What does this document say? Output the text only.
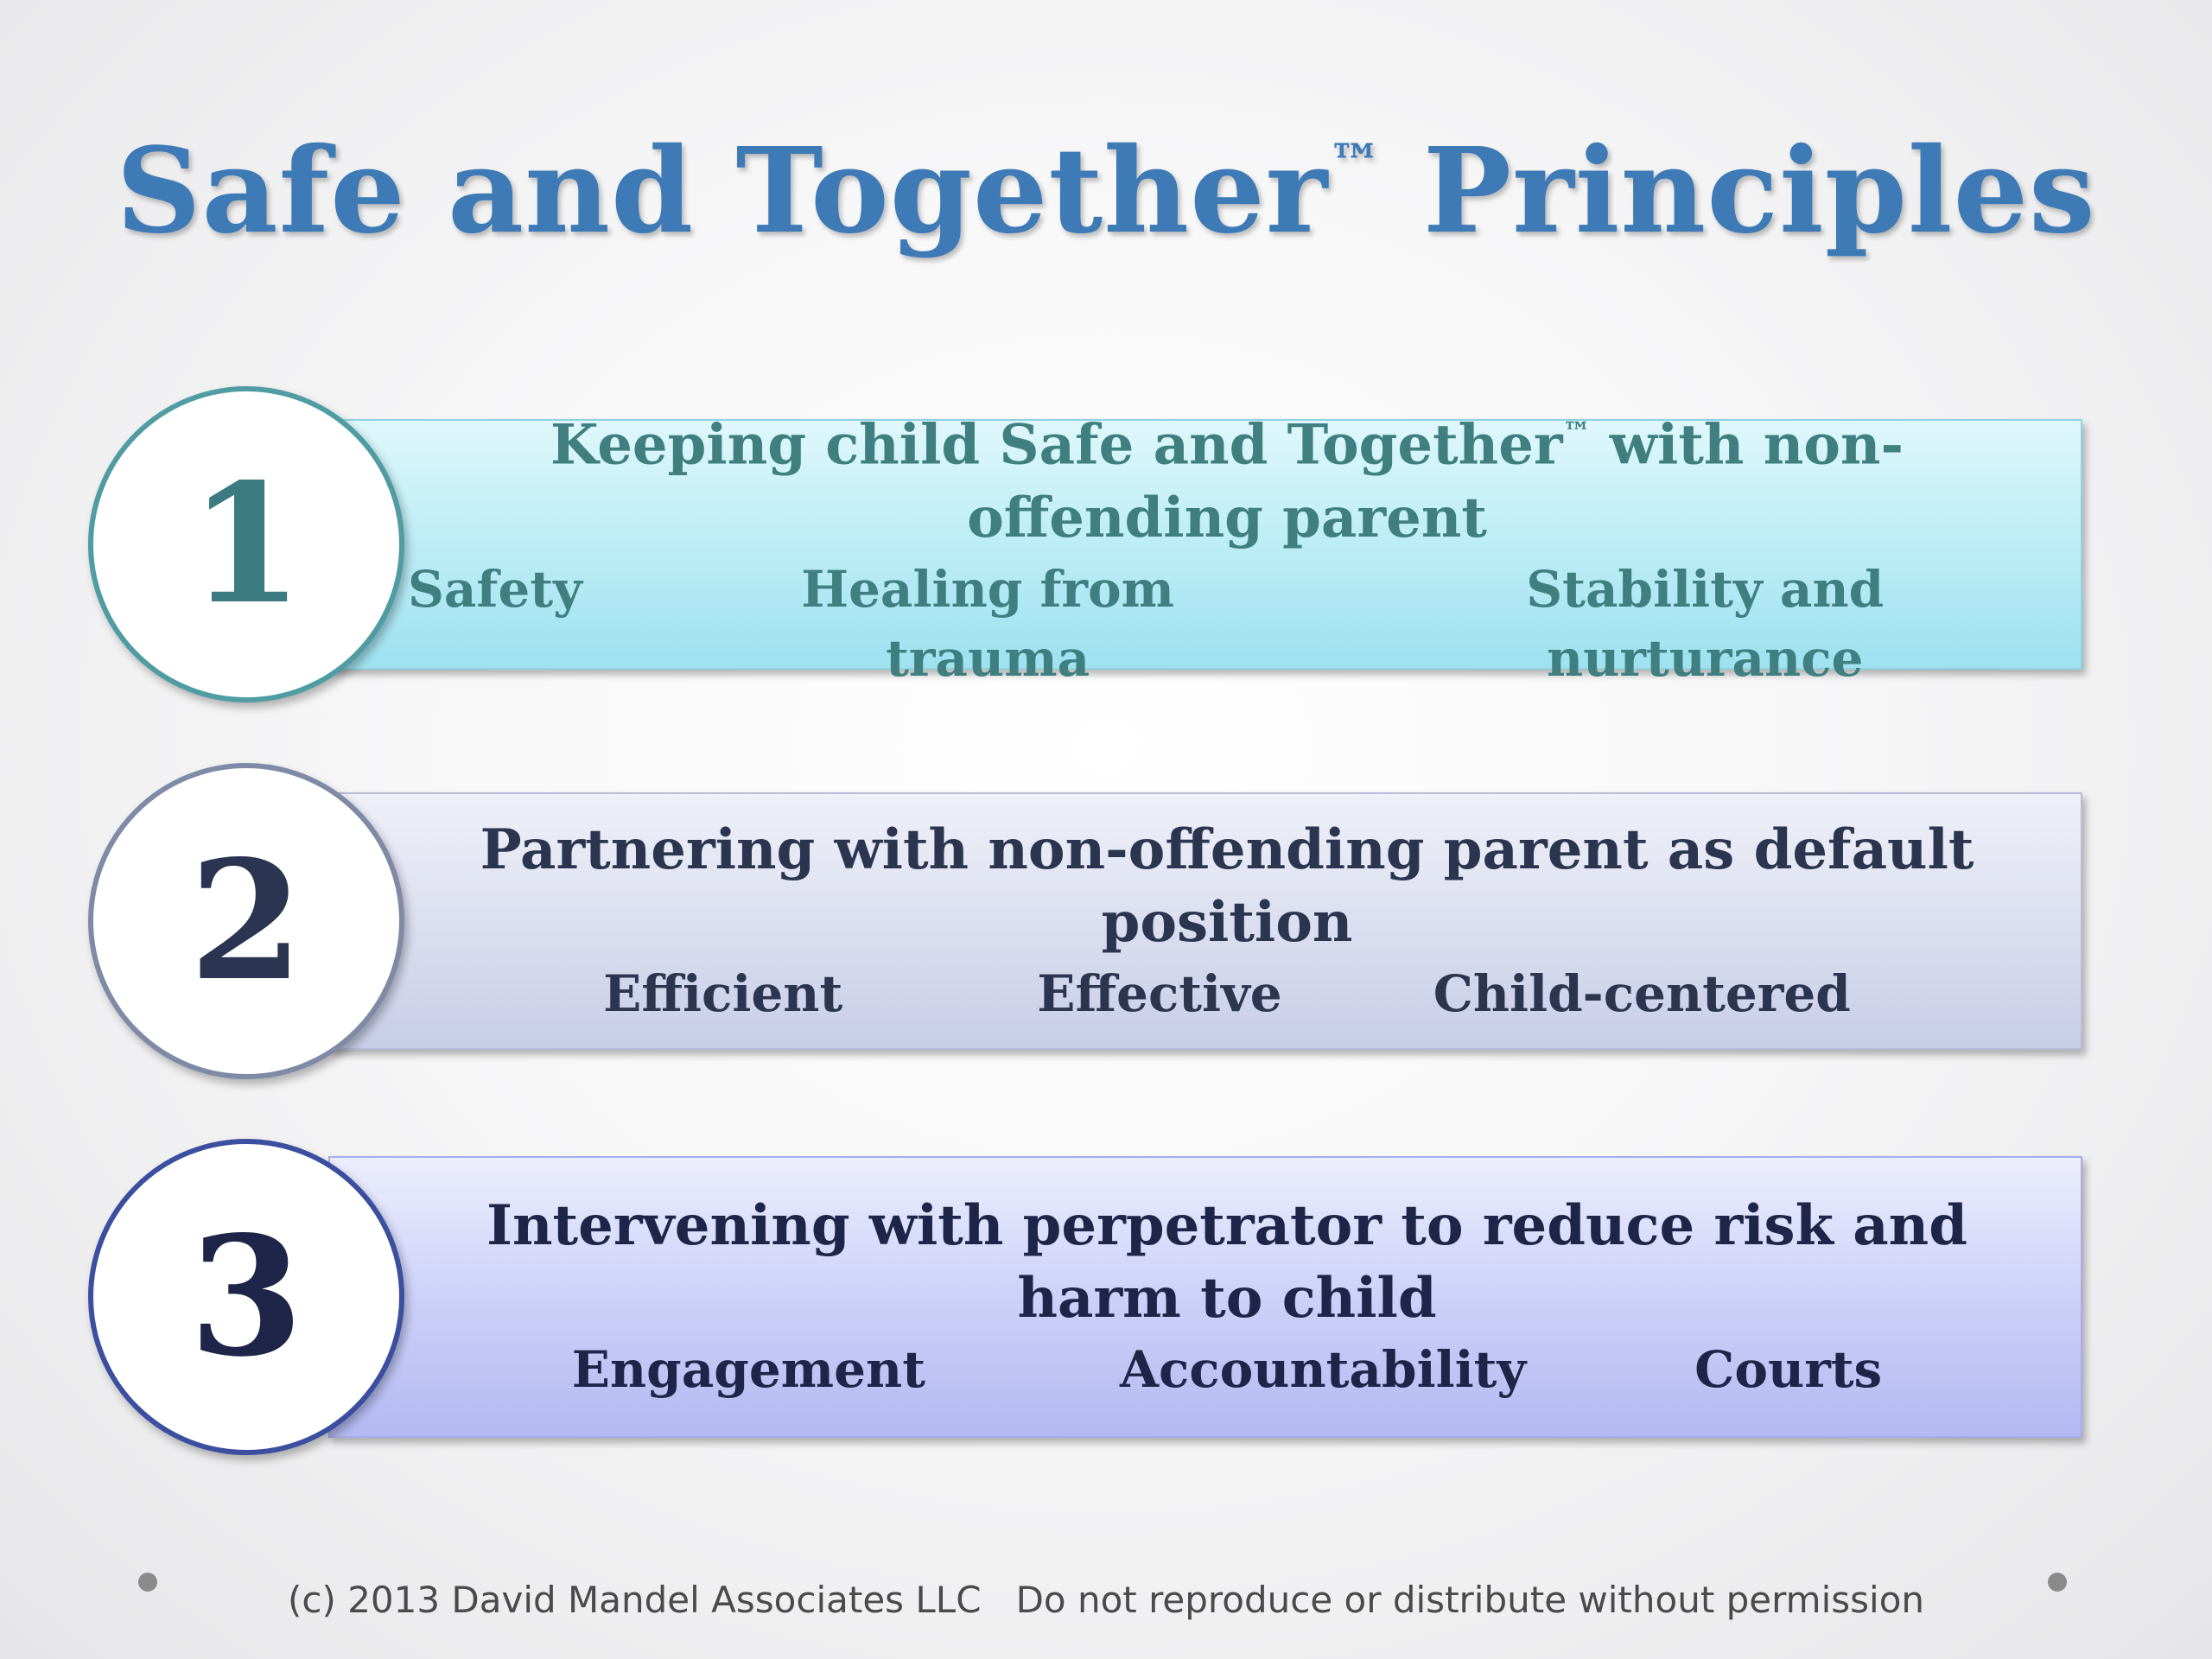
Safe and Together™ Principles
Keeping child Safe and Together™ with non-offending parent
Safety	Healing from trauma
Stability and nurturance
1
Partnering with non-offending parent as default position
Efficient	Effective	Child-centered
2
Intervening with perpetrator to reduce risk and harm to child
Engagement	Accountability	Courts
3
(c) 2013 David Mandel Associates LLC   Do not reproduce or distribute without permission
